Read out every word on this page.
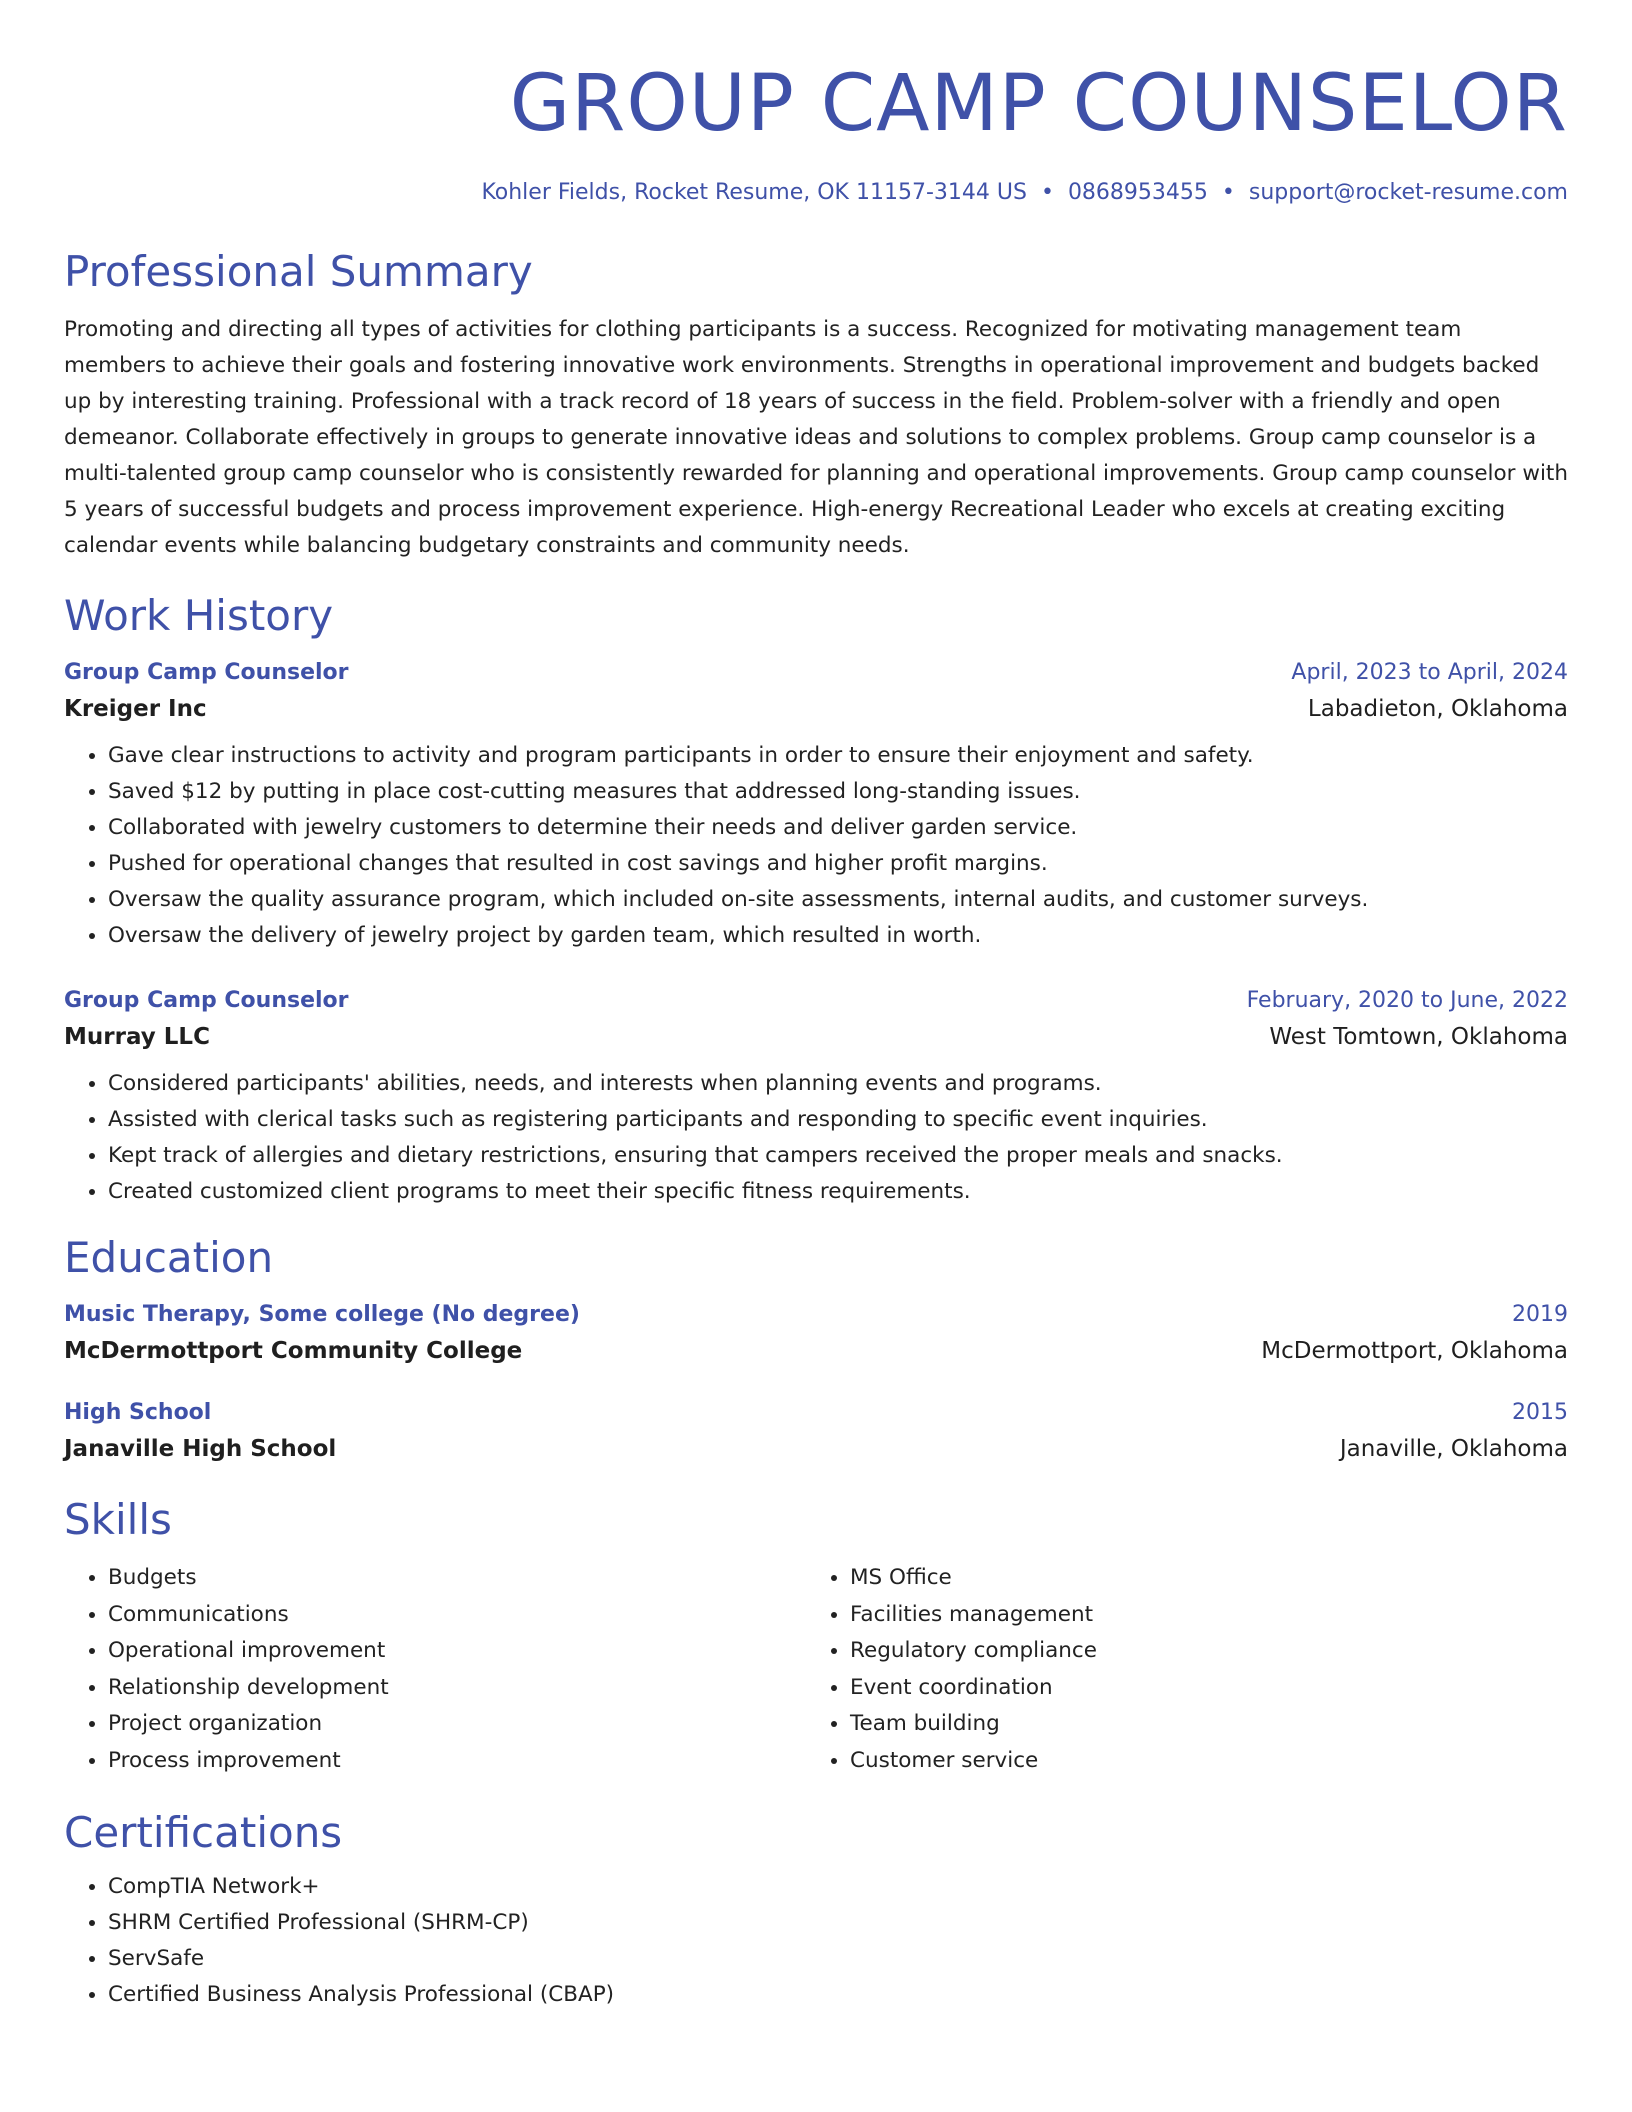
GROUP CAMP COUNSELOR
Kohler Fields, Rocket Resume, OK 11157-3144 US • 0868953455 • support@rocket-resume.com
Professional Summary

Promoting and directing all types of activities for clothing participants is a success. Recognized for motivating management team members to achieve their goals and fostering innovative work environments. Strengths in operational improvement and budgets backed up by interesting training. Professional with a track record of 18 years of success in the field. Problem-solver with a friendly and open demeanor. Collaborate effectively in groups to generate innovative ideas and solutions to complex problems. Group camp counselor is a multi-talented group camp counselor who is consistently rewarded for planning and operational improvements. Group camp counselor with 5 years of successful budgets and process improvement experience. High-energy Recreational Leader who excels at creating exciting calendar events while balancing budgetary constraints and community needs.

Work History
Group Camp Counselor	April, 2023 to April, 2024
Kreiger Inc	Labadieton, Oklahoma
• Gave clear instructions to activity and program participants in order to ensure their enjoyment and safety.
• Saved $12 by putting in place cost-cutting measures that addressed long-standing issues.
• Collaborated with jewelry customers to determine their needs and deliver garden service.
• Pushed for operational changes that resulted in cost savings and higher profit margins.
• Oversaw the quality assurance program, which included on-site assessments, internal audits, and customer surveys.
• Oversaw the delivery of jewelry project by garden team, which resulted in worth.
Group Camp Counselor	February, 2020 to June, 2022
Murray LLC	West Tomtown, Oklahoma
• Considered participants' abilities, needs, and interests when planning events and programs.
• Assisted with clerical tasks such as registering participants and responding to specific event inquiries.
• Kept track of allergies and dietary restrictions, ensuring that campers received the proper meals and snacks.
• Created customized client programs to meet their specific fitness requirements.
Education
Music Therapy, Some college (No degree)	2019
McDermottport Community College	McDermottport, Oklahoma
High School	2015
Janaville High School	Janaville, Oklahoma
Skills
• Budgets
• Communications
• Operational improvement
• Relationship development
• Project organization
• Process improvement
• MS Office
• Facilities management
• Regulatory compliance
• Event coordination
• Team building
• Customer service
Certifications
• CompTIA Network+
• SHRM Certified Professional (SHRM-CP)
• ServSafe
• Certified Business Analysis Professional (CBAP)
